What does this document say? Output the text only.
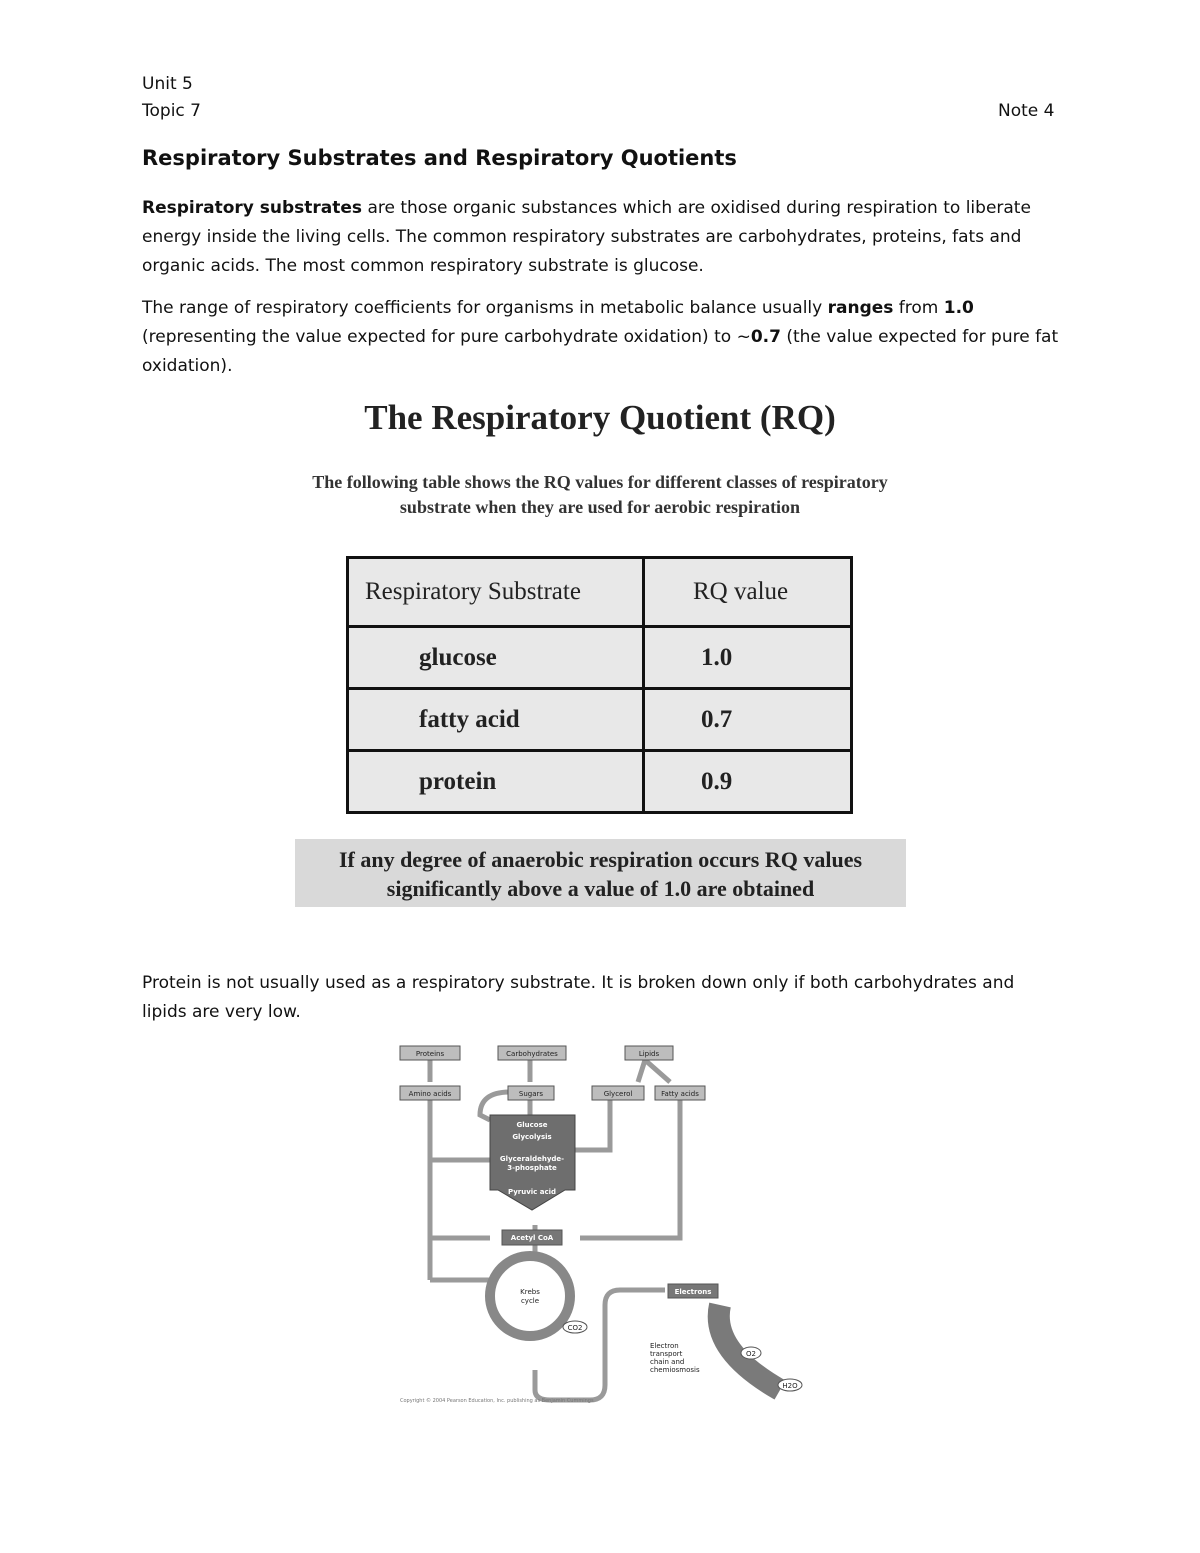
Unit 5
Topic 7	Note 4
Respiratory Substrates and Respiratory Quotients
Respiratory substrates are those organic substances which are oxidised during respiration to liberate energy inside the living cells. The common respiratory substrates are carbohydrates, proteins, fats and organic acids. The most common respiratory substrate is glucose.
The range of respiratory coefficients for organisms in metabolic balance usually ranges from 1.0 (representing the value expected for pure carbohydrate oxidation) to ~0.7 (the value expected for pure fat oxidation).
The Respiratory Quotient (RQ)
The following table shows the RQ values for different classes of respiratory
substrate when they are used for aerobic respiration
Respiratory Substrate	RQ value
glucose	1.0
fatty acid	0.7
protein	0.9
If any degree of anaerobic respiration occurs RQ values
significantly above a value of 1.0 are obtained
Protein is not usually used as a respiratory substrate. It is broken down only if both carbohydrates and lipids are very low.
Proteins	Carbohydrates	Lipids
Amino acids	Sugars	Glycerol	Fatty acids
Glucose
Glycolysis
Glyceraldehyde-
3-phosphate
Pyruvic acid
Acetyl CoA
Krebs
cycle
CO2
Electrons
Electron
transport
chain and
chemiosmosis
O2
H2O
Copyright © 2004 Pearson Education, Inc. publishing as Benjamin Cummings
